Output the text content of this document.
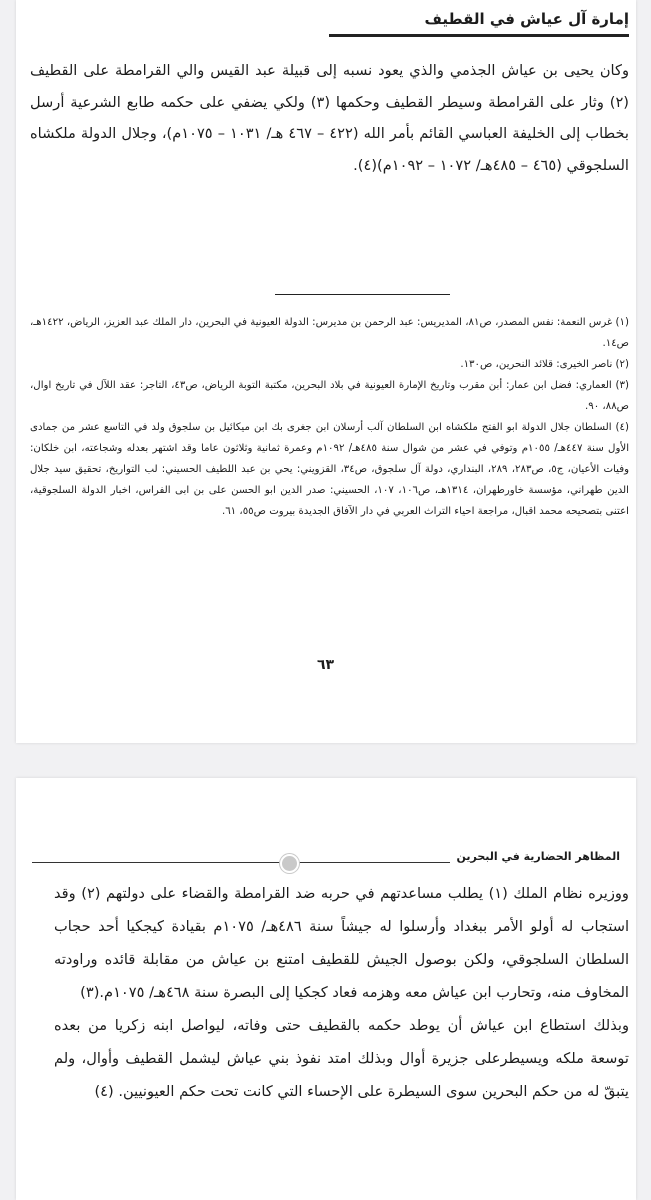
إمارة آل عياش في القطيف

وكان يحيى بن عياش الجذمي والذي يعود نسبه إلى قبيلة عبد القيس والي القرامطة على القطيف (٢) وثار على القرامطة وسيطر القطيف وحكمها (٣) ولكي يضفي على حكمه طابع الشرعية أرسل بخطاب إلى الخليفة العباسي القائم بأمر الله (٤٢٢ – ٤٦٧ هـ/ ١٠٣١ – ١٠٧٥م)، وجلال الدولة ملكشاه السلجوقي (٤٦٥ – ٤٨٥هـ/ ١٠٧٢ – ١٠٩٢م)(٤).

(١) غرس النعمة: نفس المصدر، ص٨١، المديريس: عبد الرحمن بن مديرس: الدولة العيونية في البحرين، دار الملك عبد العزيز، الرياض، ١٤٢٢هـ، ص١٤.

(٢) ناصر الخيرى: قلائد النحرين، ص١٣٠.

(٣) العماري: فضل ابن عمار: أبن مقرب وتاريخ الإمارة العيونية في بلاد البحرين، مكتبة التوبة الرياض، ص٤٣، التاجر: عقد اللآل في تاريخ اوال، ص٨٨، ٩٠.

(٤) السلطان جلال الدولة ابو الفتح ملكشاه ابن السلطان آلب أرسلان ابن جغرى بك ابن ميكائيل بن سلجوق ولد في التاسع عشر من جمادى الأول سنة ٤٤٧هـ/ ١٠٥٥م وتوفي في عشر من شوال سنة ٤٨٥هـ/ ١٠٩٢م وعمرة ثمانية وثلاثون عاما وقد اشتهر بعدله وشجاعته، ابن خلكان: وفيات الأعيان، ج٥، ص٢٨٣، ٢٨٩، البنداري، دولة آل سلجوق، ص٣٤، القزويني: يحي بن عبد اللطيف الحسيني: لب التواريخ، تحقيق سيد جلال الدين طهراني، مؤسسة خاورطهران، ١٣١٤هـ، ص١٠٦، ١٠٧، الحسيني: صدر الدين ابو الحسن على بن ابى الفراس، اخبار الدولة السلجوقية، اعتنى بتصحيحه محمد اقبال، مراجعة احياء التراث العربي في دار الآفاق الجديدة بيروت ص٥٥، ٦١.

٦٣
المظاهر الحضارية في البحرين

ووزيره نظام الملك (١) يطلب مساعدتهم في حربه ضد القرامطة والقضاء على دولتهم (٢) وقد استجاب له أولو الأمر ببغداد وأرسلوا له جيشاً سنة ٤٨٦هـ/ ١٠٧٥م بقيادة كيجكيا أحد حجاب السلطان السلجوقي، ولكن بوصول الجيش للقطيف امتنع بن عياش من مقابلة قائده وراودته المخاوف منه، وتحارب ابن عياش معه وهزمه فعاد كجكيا إلى البصرة سنة ٤٦٨هـ/ ١٠٧٥م.(٣)

وبذلك استطاع ابن عياش أن يوطد حكمه بالقطيف حتى وفاته، ليواصل ابنه زكريا من بعده توسعة ملكه ويسيطرعلى جزيرة أوال وبذلك امتد نفوذ بني عياش ليشمل القطيف وأوال، ولم يتبقّ له من حكم البحرين سوى السيطرة على الإحساء التي كانت تحت حكم العيونيين. (٤)
